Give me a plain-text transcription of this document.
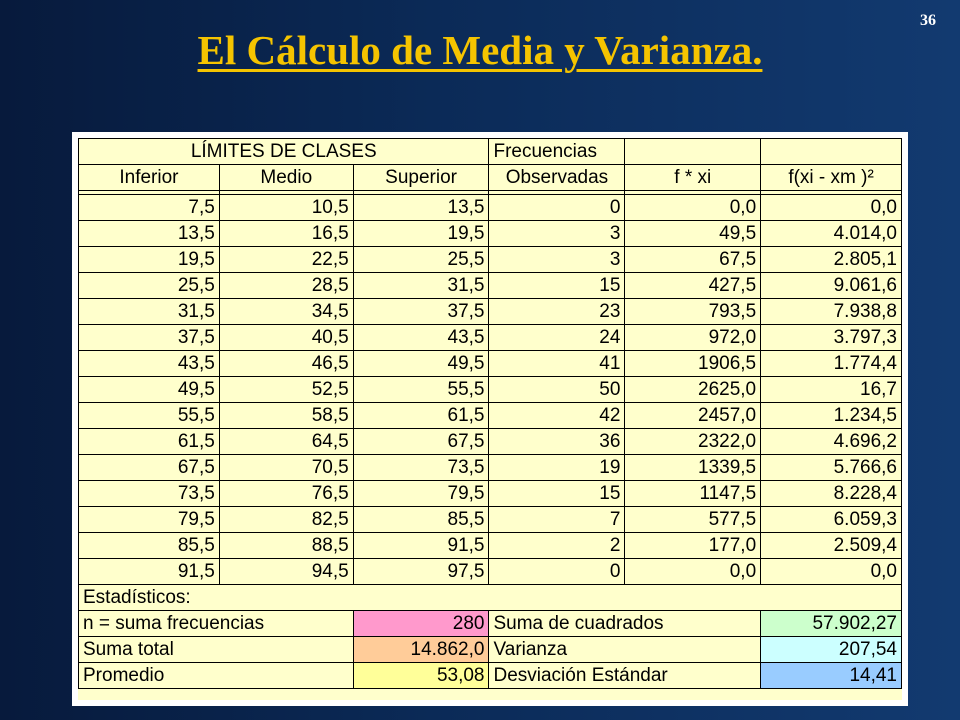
36
El Cálculo de Media y Varianza.
LÍMITES DE CLASES			Frecuencias		
Inferior	Medio	Superior	Observadas	f * xi	f(xi - xm )²

7,5	10,5	13,5	0	0,0	0,0
13,5	16,5	19,5	3	49,5	4.014,0
19,5	22,5	25,5	3	67,5	2.805,1
25,5	28,5	31,5	15	427,5	9.061,6
31,5	34,5	37,5	23	793,5	7.938,8
37,5	40,5	43,5	24	972,0	3.797,3
43,5	46,5	49,5	41	1906,5	1.774,4
49,5	52,5	55,5	50	2625,0	16,7
55,5	58,5	61,5	42	2457,0	1.234,5
61,5	64,5	67,5	36	2322,0	4.696,2
67,5	70,5	73,5	19	1339,5	5.766,6
73,5	76,5	79,5	15	1147,5	8.228,4
79,5	82,5	85,5	7	577,5	6.059,3
85,5	88,5	91,5	2	177,0	2.509,4
91,5	94,5	97,5	0	0,0	0,0
Estadísticos:					
n = suma frecuencias		280	Suma de cuadrados		57.902,27
Suma total		14.862,0	Varianza		207,54
Promedio		53,08	Desviación Estándar		14,41
